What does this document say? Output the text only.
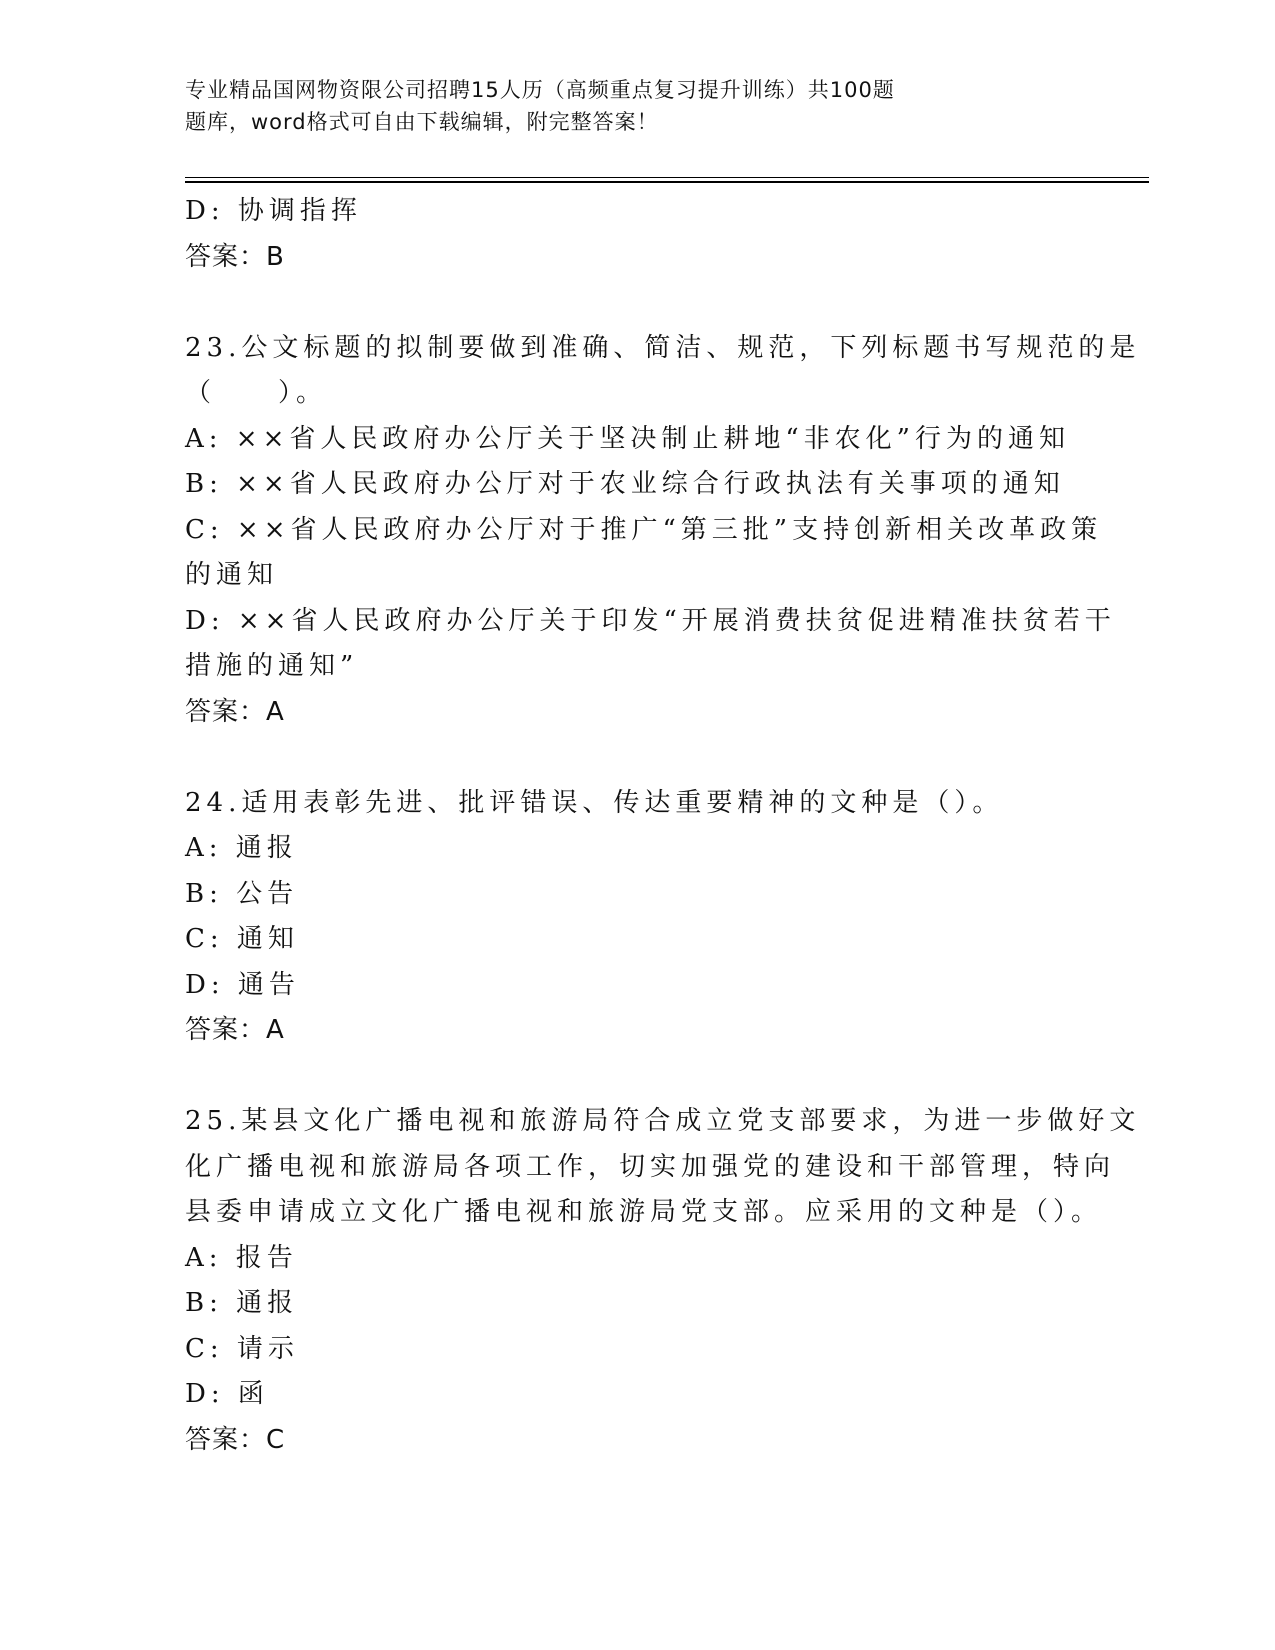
专业精品国网物资限公司招聘15人历（高频重点复习提升训练）共100题
题库，word格式可自由下载编辑，附完整答案！
D: 协调指挥
答案：B
23.公文标题的拟制要做到准确、简洁、规范，下列标题书写规范的是
（　　）。
A: ××省人民政府办公厅关于坚决制止耕地“非农化”行为的通知
B: ××省人民政府办公厅对于农业综合行政执法有关事项的通知
C: ××省人民政府办公厅对于推广“第三批”支持创新相关改革政策
的通知
D: ××省人民政府办公厅关于印发“开展消费扶贫促进精准扶贫若干
措施的通知”
答案：A
24.适用表彰先进、批评错误、传达重要精神的文种是（）。
A: 通报
B: 公告
C: 通知
D: 通告
答案：A
25.某县文化广播电视和旅游局符合成立党支部要求，为进一步做好文
化广播电视和旅游局各项工作，切实加强党的建设和干部管理，特向
县委申请成立文化广播电视和旅游局党支部。应采用的文种是（）。
A: 报告
B: 通报
C: 请示
D: 函
答案：C
